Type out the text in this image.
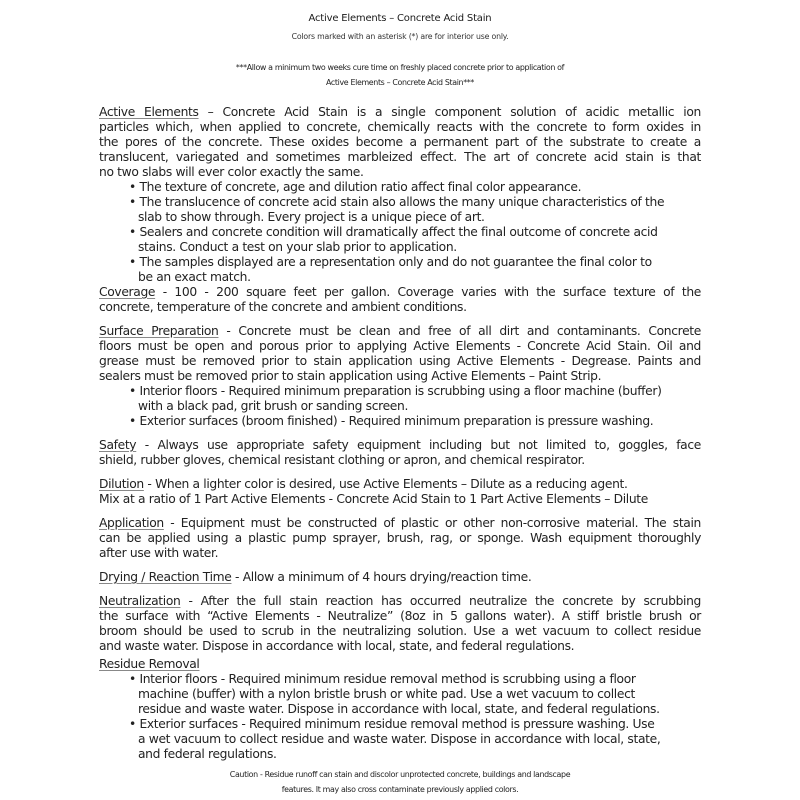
Active Elements – Concrete Acid Stain
Colors marked with an asterisk (*) are for interior use only.
***Allow a minimum two weeks cure time on freshly placed concrete prior to application of
Active Elements – Concrete Acid Stain***
Active Elements – Concrete Acid Stain is a single component solution of acidic metallic ion
particles which, when applied to concrete, chemically reacts with the concrete to form oxides in
the pores of the concrete. These oxides become a permanent part of the substrate to create a
translucent, variegated and sometimes marbleized effect. The art of concrete acid stain is that
no two slabs will ever color exactly the same.
• The texture of concrete, age and dilution ratio affect final color appearance.
• The translucence of concrete acid stain also allows the many unique characteristics of the
slab to show through. Every project is a unique piece of art.
• Sealers and concrete condition will dramatically affect the final outcome of concrete acid
stains. Conduct a test on your slab prior to application.
• The samples displayed are a representation only and do not guarantee the final color to
be an exact match.
Coverage - 100 - 200 square feet per gallon. Coverage varies with the surface texture of the
concrete, temperature of the concrete and ambient conditions.
Surface Preparation - Concrete must be clean and free of all dirt and contaminants. Concrete
floors must be open and porous prior to applying Active Elements - Concrete Acid Stain. Oil and
grease must be removed prior to stain application using Active Elements - Degrease. Paints and
sealers must be removed prior to stain application using Active Elements – Paint Strip.
• Interior floors - Required minimum preparation is scrubbing using a floor machine (buffer)
with a black pad, grit brush or sanding screen.
• Exterior surfaces (broom finished) - Required minimum preparation is pressure washing.
Safety - Always use appropriate safety equipment including but not limited to, goggles, face
shield, rubber gloves, chemical resistant clothing or apron, and chemical respirator.
Dilution - When a lighter color is desired, use Active Elements – Dilute as a reducing agent.
Mix at a ratio of 1 Part Active Elements - Concrete Acid Stain to 1 Part Active Elements – Dilute
Application - Equipment must be constructed of plastic or other non-corrosive material. The stain
can be applied using a plastic pump sprayer, brush, rag, or sponge. Wash equipment thoroughly
after use with water.
Drying / Reaction Time - Allow a minimum of 4 hours drying/reaction time.
Neutralization - After the full stain reaction has occurred neutralize the concrete by scrubbing
the surface with “Active Elements - Neutralize” (8oz in 5 gallons water). A stiff bristle brush or
broom should be used to scrub in the neutralizing solution. Use a wet vacuum to collect residue
and waste water. Dispose in accordance with local, state, and federal regulations.
Residue Removal
• Interior floors - Required minimum residue removal method is scrubbing using a floor
machine (buffer) with a nylon bristle brush or white pad. Use a wet vacuum to collect
residue and waste water. Dispose in accordance with local, state, and federal regulations.
• Exterior surfaces - Required minimum residue removal method is pressure washing. Use
a wet vacuum to collect residue and waste water. Dispose in accordance with local, state,
and federal regulations.
Caution - Residue runoff can stain and discolor unprotected concrete, buildings and landscape
features. It may also cross contaminate previously applied colors.
